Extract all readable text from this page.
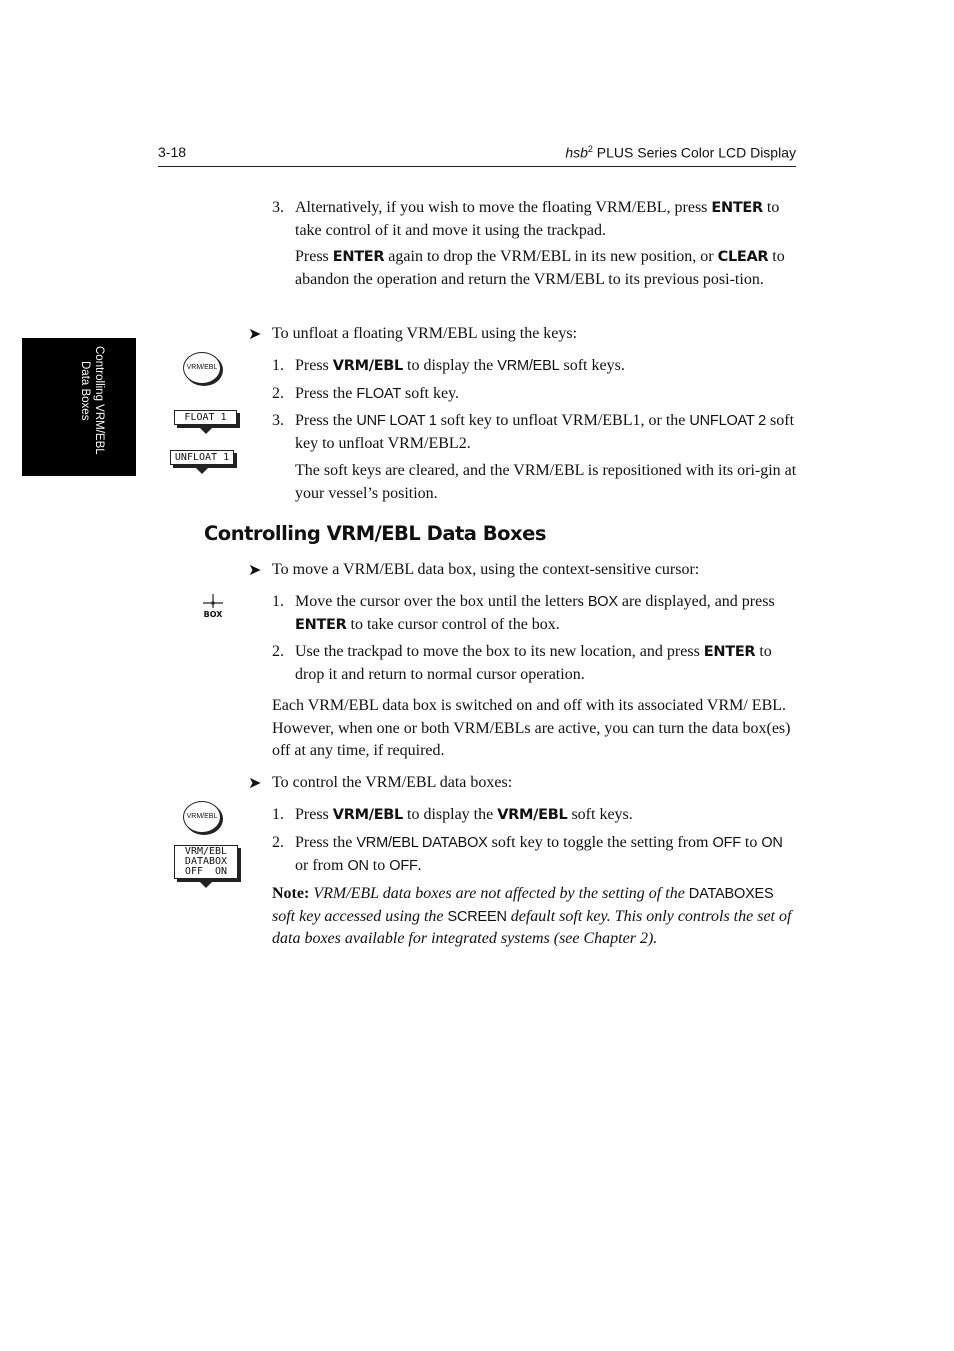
3-18	hsb$^2$ PLUS Series Color LCD Display
Controlling VRM/EBL
Data Boxes
3. Alternatively, if you wish to move the floating VRM/EBL, press ENTER to take control of it and move it using the trackpad.
Press ENTER again to drop the VRM/EBL in its new position, or CLEAR to abandon the operation and return the VRM/EBL to its previous posi-tion.
➤ To unfloat a floating VRM/EBL using the keys:
VRM/EBL
FLOAT 1
UNFLOAT 1
1. Press VRM/EBL to display the VRM/EBL soft keys.
2. Press the FLOAT soft key.
3. Press the UNF LOAT 1 soft key to unfloat VRM/EBL1, or the UNFLOAT 2 soft key to unfloat VRM/EBL2.
The soft keys are cleared, and the VRM/EBL is repositioned with its ori-gin at your vessel’s position.
Controlling VRM/EBL Data Boxes
➤ To move a VRM/EBL data box, using the context-sensitive cursor:
BOX
1. Move the cursor over the box until the letters BOX are displayed, and press ENTER to take cursor control of the box.
2. Use the trackpad to move the box to its new location, and press ENTER to drop it and return to normal cursor operation.
Each VRM/EBL data box is switched on and off with its associated VRM/ EBL. However, when one or both VRM/EBLs are active, you can turn the data box(es) off at any time, if required.
➤ To control the VRM/EBL data boxes:
VRM/EBL
VRM/EBL
DATABOX
OFF  ON
1. Press VRM/EBL to display the VRM/EBL soft keys.
2. Press the VRM/EBL DATABOX soft key to toggle the setting from OFF to ON or from ON to OFF.
Note: VRM/EBL data boxes are not affected by the setting of the DATABOXES soft key accessed using the SCREEN default soft key. This only controls the set of data boxes available for integrated systems (see Chapter 2).
